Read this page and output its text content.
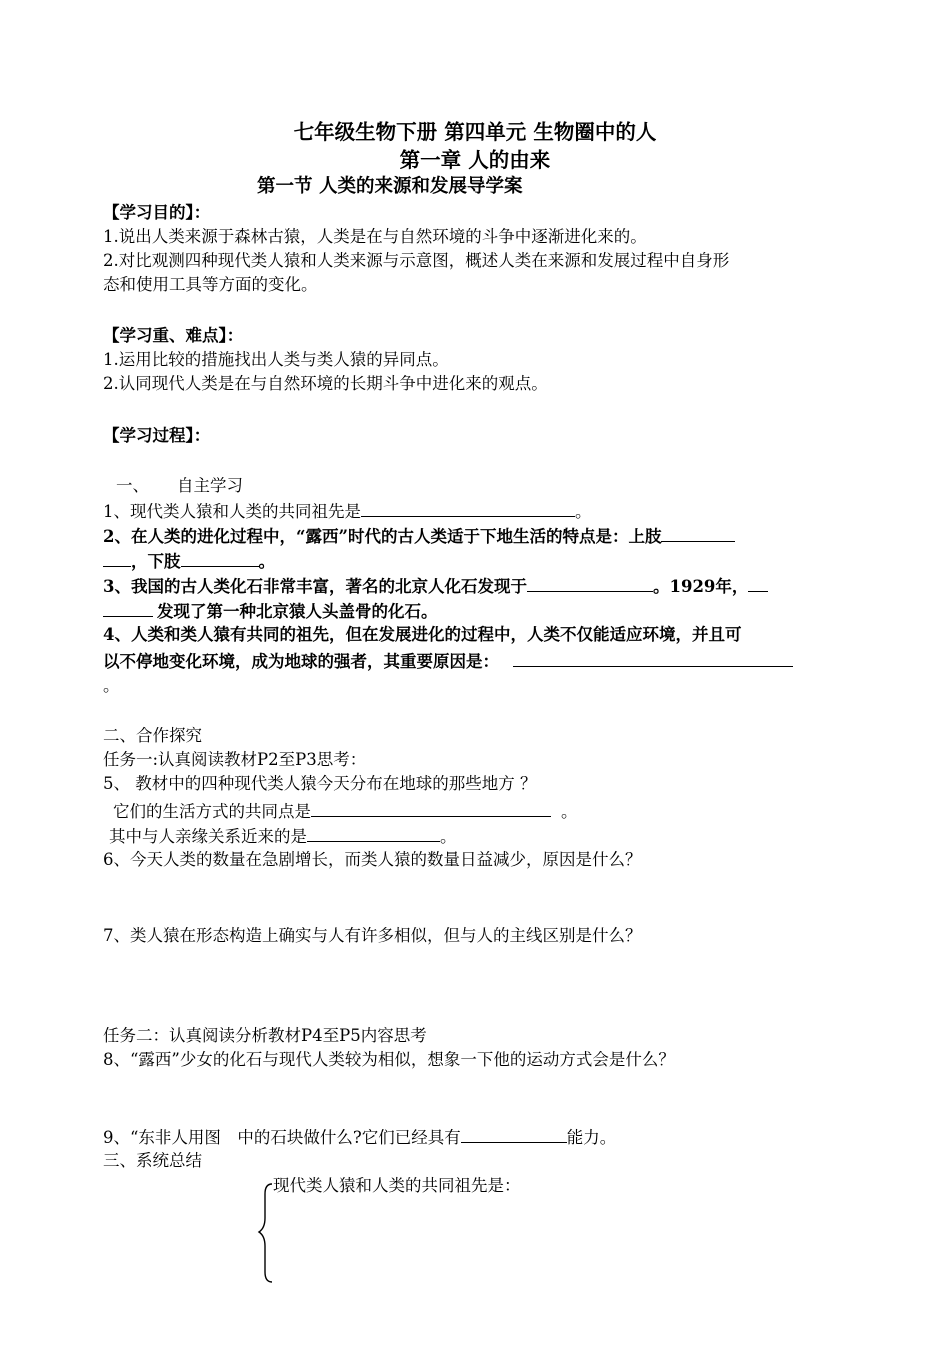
七年级生物下册 第四单元 生物圈中的人
第一章 人的由来
第一节 人类的来源和发展导学案
【学习目的】：
1.说出人类来源于森林古猿，人类是在与自然环境的斗争中逐渐进化来的。
2.对比观测四种现代类人猿和人类来源与示意图，概述人类在来源和发展过程中自身形
态和使用工具等方面的变化。
【学习重、难点】：
1.运用比较的措施找出人类与类人猿的异同点。
2.认同现代人类是在与自然环境的长期斗争中进化来的观点。
【学习过程】：
一、 自主学习
1、现代类人猿和人类的共同祖先是	。
2、在人类的进化过程中，“露西”时代的古人类适于下地生活的特点是：上肢
，下肢	。
3、我国的古人类化石非常丰富，著名的北京人化石发现于	。1929年，
发现了第一种北京猿人头盖骨的化石。
4、人类和类人猿有共同的祖先，但在发展进化的过程中，人类不仅能适应环境，并且可
以不停地变化环境，成为地球的强者，其重要原因是：
。
二、合作探究
任务一:认真阅读教材P2至P3思考：
5、 教材中的四种现代类人猿今天分布在地球的那些地方 ？
它们的生活方式的共同点是	。
其中与人亲缘关系近来的是	。
6、今天人类的数量在急剧增长，而类人猿的数量日益减少，原因是什么？
7、类人猿在形态构造上确实与人有许多相似，但与人的主线区别是什么？
任务二：认真阅读分析教材P4至P5内容思考
8、“露西”少女的化石与现代人类较为相似，想象一下他的运动方式会是什么？
9、“东非人用图　中的石块做什么?它们已经具有	能力。
三、系统总结
现代类人猿和人类的共同祖先是：
